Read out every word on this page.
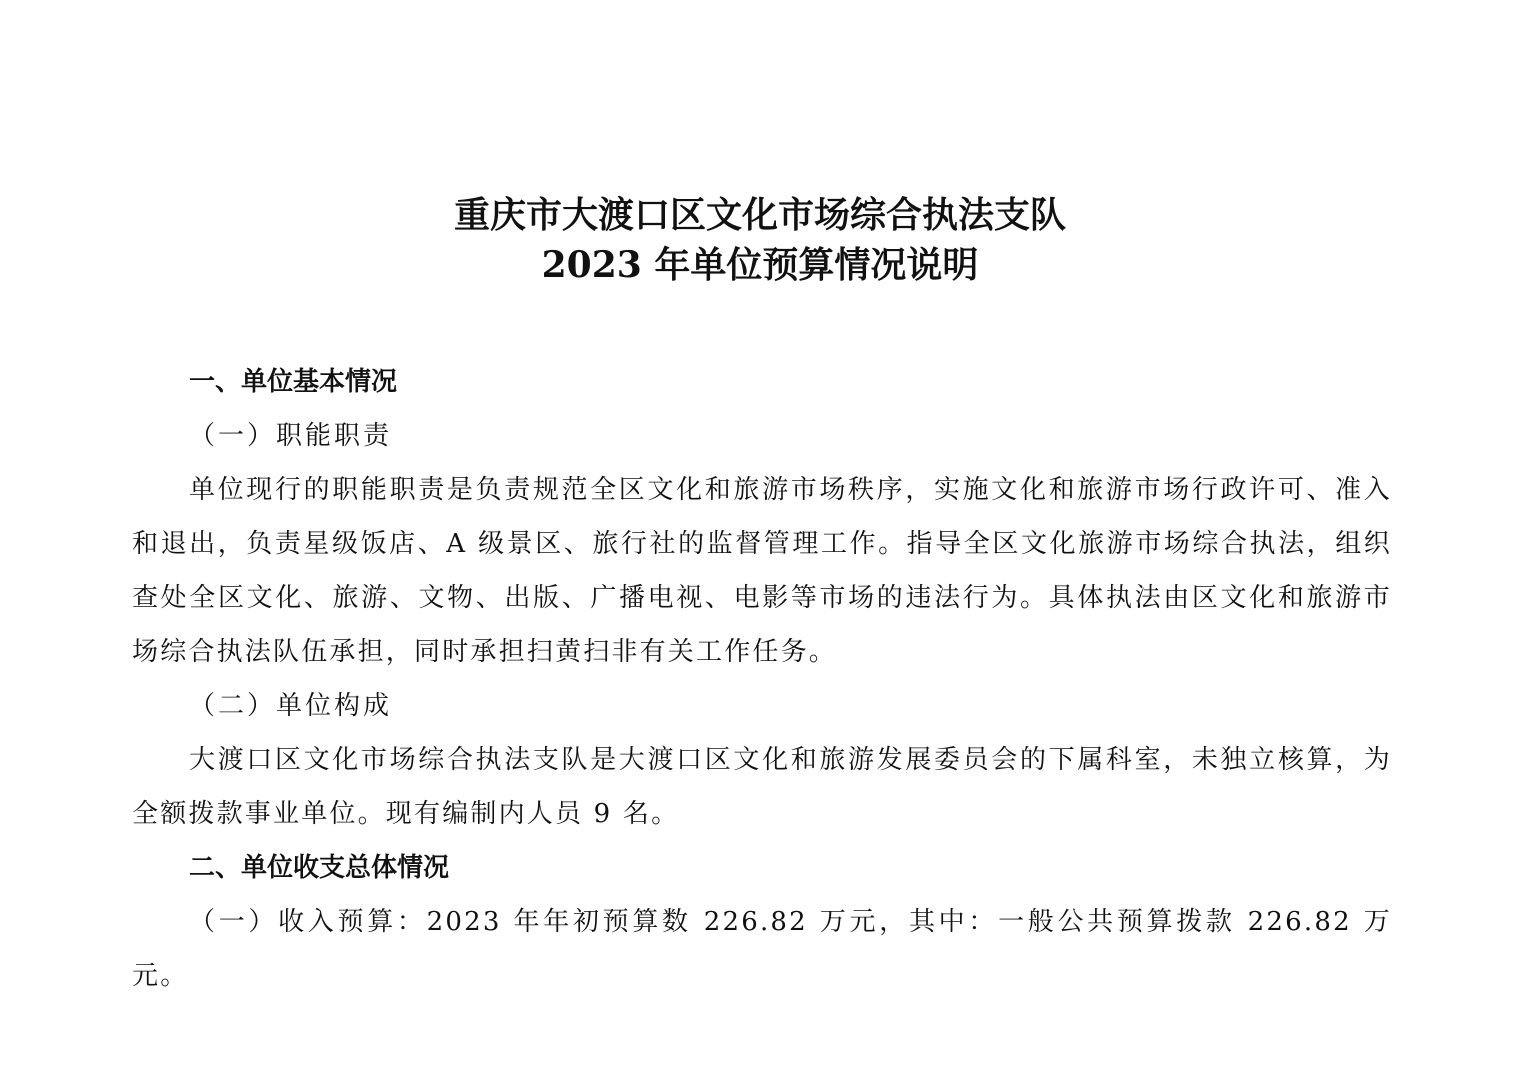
重庆市大渡口区文化市场综合执法支队
2023 年单位预算情况说明
一、单位基本情况
（一）职能职责

单位现行的职能职责是负责规范全区文化和旅游市场秩序，实施文化和旅游市场行政许可、准入和退出，负责星级饭店、A 级景区、旅行社的监督管理工作。指导全区文化旅游市场综合执法，组织查处全区文化、旅游、文物、出版、广播电视、电影等市场的违法行为。具体执法由区文化和旅游市场综合执法队伍承担，同时承担扫黄扫非有关工作任务。

（二）单位构成

大渡口区文化市场综合执法支队是大渡口区文化和旅游发展委员会的下属科室，未独立核算，为全额拨款事业单位。现有编制内人员 9 名。

二、单位收支总体情况

（一）收入预算：2023 年年初预算数 226.82 万元，其中：一般公共预算拨款 226.82 万元。
